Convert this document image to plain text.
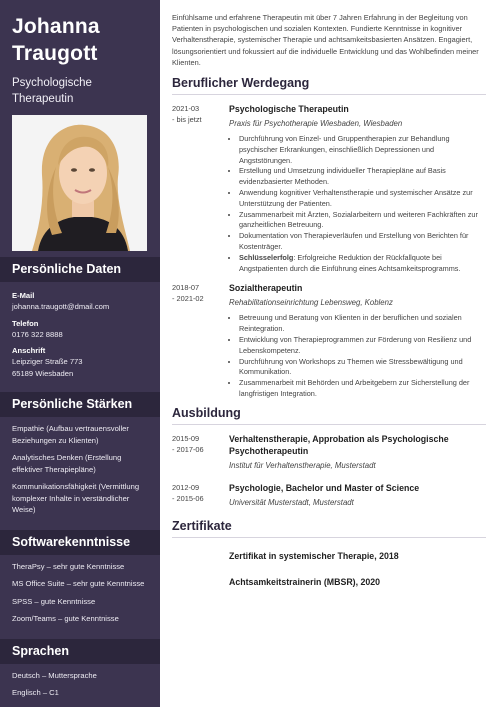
Johanna
Traugott
Psychologische Therapeutin
Persönliche Daten
E-Mail
johanna.traugott@dmail.com
Telefon
0176 322 8888
Anschrift
Leipziger Straße 773
65189 Wiesbaden
Persönliche Stärken
Empathie (Aufbau vertrauensvoller Beziehungen zu Klienten)
Analytisches Denken (Erstellung effektiver Therapiepläne)
Kommunikationsfähigkeit (Vermittlung komplexer Inhalte in verständlicher Weise)
Softwarekenntnisse
TheraPsy – sehr gute Kenntnisse
MS Office Suite – sehr gute Kenntnisse
SPSS – gute Kenntnisse
Zoom/Teams – gute Kenntnisse
Sprachen
Deutsch – Muttersprache
Englisch – C1
Einfühlsame und erfahrene Therapeutin mit über 7 Jahren Erfahrung in der Begleitung von Patienten in psychologischen und sozialen Kontexten. Fundierte Kenntnisse in kognitiver Verhaltenstherapie, systemischer Therapie und achtsamkeitsbasierten Ansätzen. Engagiert, lösungsorientiert und fokussiert auf die individuelle Entwicklung und das Wohlbefinden meiner Klienten.
Beruflicher Werdegang
2021-03
- bis jetzt
Psychologische Therapeutin
Praxis für Psychotherapie Wiesbaden, Wiesbaden
• Durchführung von Einzel- und Gruppentherapien zur Behandlung psychischer Erkrankungen, einschließlich Depressionen und Angststörungen.
• Erstellung und Umsetzung individueller Therapiepläne auf Basis evidenzbasierter Methoden.
• Anwendung kognitiver Verhaltenstherapie und systemischer Ansätze zur Unterstützung der Patienten.
• Zusammenarbeit mit Ärzten, Sozialarbeitern und weiteren Fachkräften zur ganzheitlichen Betreuung.
• Dokumentation von Therapieverläufen und Erstellung von Berichten für Kostenträger.
• Schlüsselerfolg: Erfolgreiche Reduktion der Rückfallquote bei Angstpatienten durch die Einführung eines Achtsamkeitsprogramms.
2018-07
- 2021-02
Sozialtherapeutin
Rehabilitationseinrichtung Lebensweg, Koblenz
• Betreuung und Beratung von Klienten in der beruflichen und sozialen Reintegration.
• Entwicklung von Therapieprogrammen zur Förderung von Resilienz und Lebenskompetenz.
• Durchführung von Workshops zu Themen wie Stressbewältigung und Kommunikation.
• Zusammenarbeit mit Behörden und Arbeitgebern zur Sicherstellung der langfristigen Integration.
Ausbildung
2015-09
- 2017-06
Verhaltenstherapie, Approbation als Psychologische Psychotherapeutin
Institut für Verhaltenstherapie, Musterstadt
2012-09
- 2015-06
Psychologie, Bachelor und Master of Science
Universität Musterstadt, Musterstadt
Zertifikate
Zertifikat in systemischer Therapie, 2018
Achtsamkeitstrainerin (MBSR), 2020
